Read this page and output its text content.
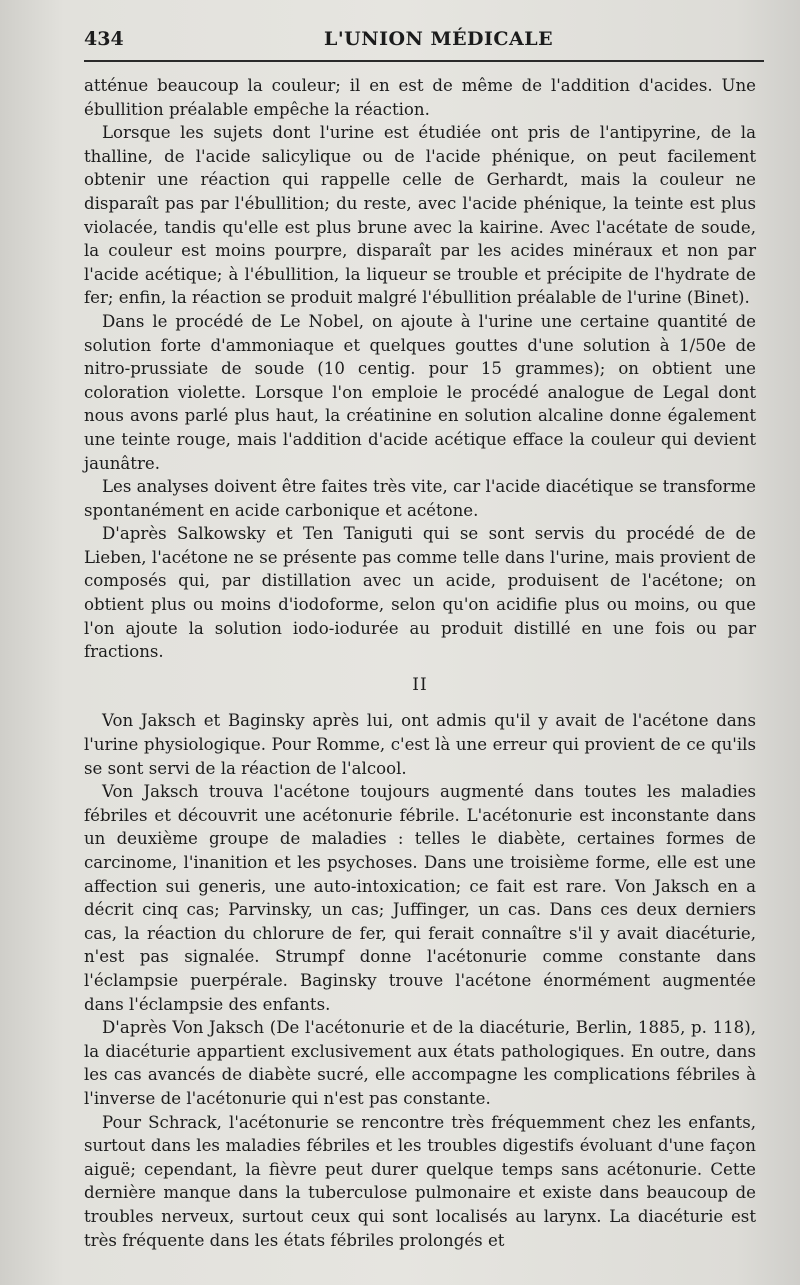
434	L'UNION MÉDICALE

atténue beaucoup la couleur; il en est de même de l'addition d'acides. Une ébullition préalable empêche la réaction.

Lorsque les sujets dont l'urine est étudiée ont pris de l'antipyrine, de la thalline, de l'acide salicylique ou de l'acide phénique, on peut facilement obtenir une réaction qui rappelle celle de Gerhardt, mais la couleur ne disparaît pas par l'ébullition; du reste, avec l'acide phénique, la teinte est plus violacée, tandis qu'elle est plus brune avec la kairine. Avec l'acétate de soude, la couleur est moins pourpre, disparaît par les acides minéraux et non par l'acide acétique; à l'ébullition, la liqueur se trouble et précipite de l'hydrate de fer; enfin, la réaction se produit malgré l'ébullition préalable de l'urine (Binet).

Dans le procédé de Le Nobel, on ajoute à l'urine une certaine quantité de solution forte d'ammoniaque et quelques gouttes d'une solution à 1/50e de nitro-prussiate de soude (10 centig. pour 15 grammes); on obtient une coloration violette. Lorsque l'on emploie le procédé analogue de Legal dont nous avons parlé plus haut, la créatinine en solution alcaline donne également une teinte rouge, mais l'addition d'acide acétique efface la couleur qui devient jaunâtre.

Les analyses doivent être faites très vite, car l'acide diacétique se transforme spontanément en acide carbonique et acétone.

D'après Salkowsky et Ten Taniguti qui se sont servis du procédé de de Lieben, l'acétone ne se présente pas comme telle dans l'urine, mais provient de composés qui, par distillation avec un acide, produisent de l'acétone; on obtient plus ou moins d'iodoforme, selon qu'on acidifie plus ou moins, ou que l'on ajoute la solution iodo-iodurée au produit distillé en une fois ou par fractions.

II

Von Jaksch et Baginsky après lui, ont admis qu'il y avait de l'acétone dans l'urine physiologique. Pour Romme, c'est là une erreur qui provient de ce qu'ils se sont servi de la réaction de l'alcool.

Von Jaksch trouva l'acétone toujours augmenté dans toutes les maladies fébriles et découvrit une acétonurie fébrile. L'acétonurie est inconstante dans un deuxième groupe de maladies : telles le diabète, certaines formes de carcinome, l'inanition et les psychoses. Dans une troisième forme, elle est une affection sui generis, une auto-intoxication; ce fait est rare. Von Jaksch en a décrit cinq cas; Parvinsky, un cas; Juffinger, un cas. Dans ces deux derniers cas, la réaction du chlorure de fer, qui ferait connaître s'il y avait diacéturie, n'est pas signalée. Strumpf donne l'acétonurie comme constante dans l'éclampsie puerpérale. Baginsky trouve l'acétone énormément augmentée dans l'éclampsie des enfants.

D'après Von Jaksch (De l'acétonurie et de la diacéturie, Berlin, 1885, p. 118), la diacéturie appartient exclusivement aux états pathologiques. En outre, dans les cas avancés de diabète sucré, elle accompagne les complications fébriles à l'inverse de l'acétonurie qui n'est pas constante.

Pour Schrack, l'acétonurie se rencontre très fréquemment chez les enfants, surtout dans les maladies fébriles et les troubles digestifs évoluant d'une façon aiguë; cependant, la fièvre peut durer quelque temps sans acétonurie. Cette dernière manque dans la tuberculose pulmonaire et existe dans beaucoup de troubles nerveux, surtout ceux qui sont localisés au larynx. La diacéturie est très fréquente dans les états fébriles prolongés et
